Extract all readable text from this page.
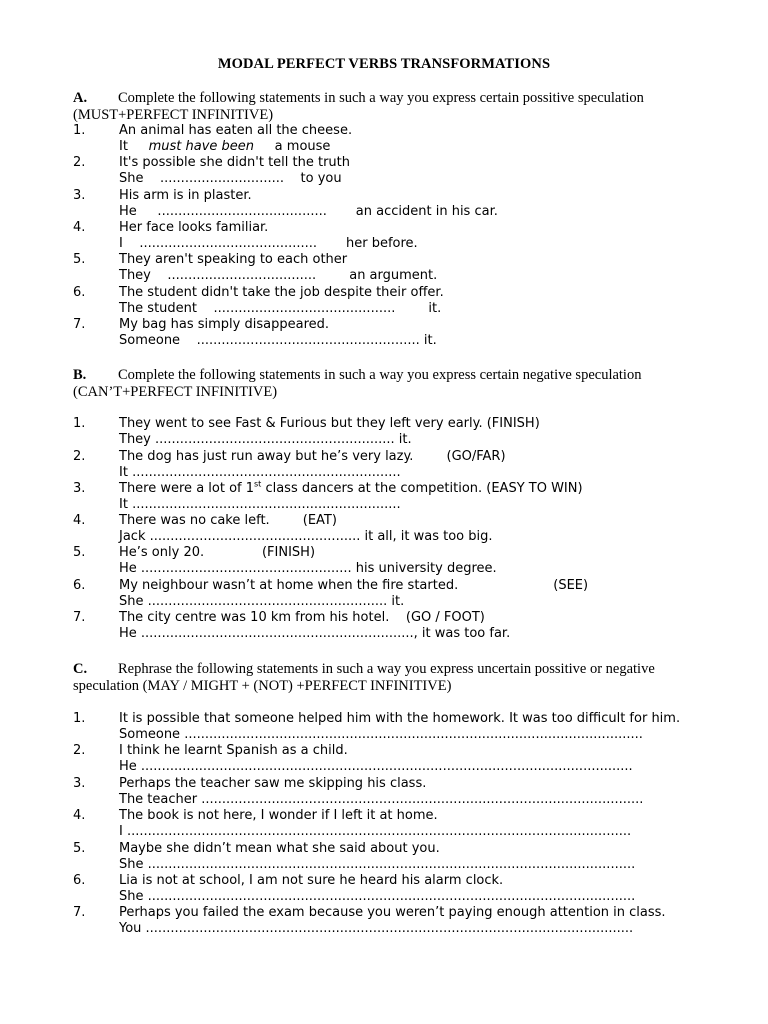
MODAL PERFECT VERBS TRANSFORMATIONS
A. Complete the following statements in such a way you express certain possitive speculation
(MUST+PERFECT INFINITIVE)
1.	An animal has eaten all the cheese.
It     must have been     a mouse
2.	It's possible she didn't tell the truth
She    ..............................    to you
3.	His arm is in plaster.
He     .........................................       an accident in his car.
4.	Her face looks familiar.
I    ...........................................       her before.
5.	They aren't speaking to each other
They    ....................................        an argument.
6.	The student didn't take the job despite their offer.
The student    ............................................        it.
7.	My bag has simply disappeared.
Someone    ...................................................... it.
B. Complete the following statements in such a way you express certain negative speculation
(CAN’T+PERFECT INFINITIVE)
1.	They went to see Fast & Furious but they left very early. (FINISH)
They .......................................................... it.
2.	The dog has just run away but he’s very lazy.        (GO/FAR)
It .................................................................
3.	There were a lot of 1st class dancers at the competition. (EASY TO WIN)
It .................................................................
4.	There was no cake left.        (EAT)
Jack ................................................... it all, it was too big.
5.	He’s only 20.              (FINISH)
He ................................................... his university degree.
6.	My neighbour wasn’t at home when the fire started.                       (SEE)
She .......................................................... it.
7.	The city centre was 10 km from his hotel.    (GO / FOOT)
He .................................................................., it was too far.
C. Rephrase the following statements in such a way you express uncertain possitive or negative
speculation (MAY / MIGHT + (NOT) +PERFECT INFINITIVE)
1.	It is possible that someone helped him with the homework. It was too difficult for him.
Someone ...............................................................................................................
2.	I think he learnt Spanish as a child.
He .......................................................................................................................
3.	Perhaps the teacher saw me skipping his class.
The teacher ...........................................................................................................
4.	The book is not here, I wonder if I left it at home.
I ..........................................................................................................................
5.	Maybe she didn’t mean what she said about you.
She ......................................................................................................................
6.	Lia is not at school, I am not sure he heard his alarm clock.
She ......................................................................................................................
7.	Perhaps you failed the exam because you weren’t paying enough attention in class.
You ......................................................................................................................
